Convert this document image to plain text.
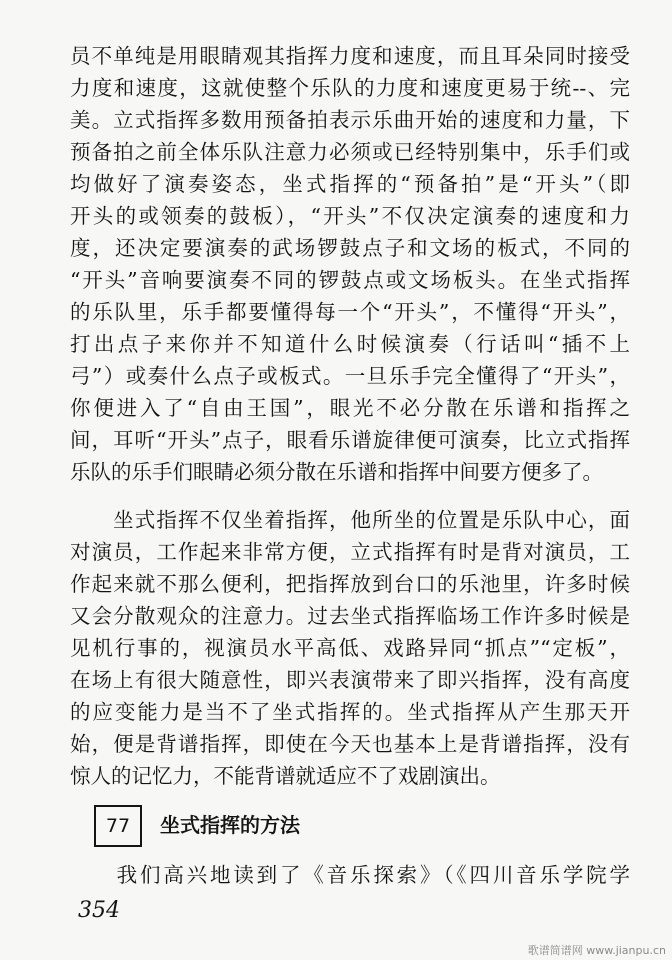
员不单纯是用眼睛观其指挥力度和速度，而且耳朵同时接受
力度和速度，这就使整个乐队的力度和速度更易于统--、完
美。立式指挥多数用预备拍表示乐曲开始的速度和力量，下
预备拍之前全体乐队注意力必须或已经特别集中，乐手们或
均做好了演奏姿态，坐式指挥的“预备拍”是“开头”（即
开头的或领奏的鼓板），“开头”不仅决定演奏的速度和力
度，还决定要演奏的武场锣鼓点子和文场的板式，不同的
“开头”音响要演奏不同的锣鼓点或文场板头。在坐式指挥
的乐队里，乐手都要懂得每一个“开头”，不懂得“开头”，
打出点子来你并不知道什么时候演奏（行话叫“插不上
弓”）或奏什么点子或板式。一旦乐手完全懂得了“开头”，
你便进入了“自由王国”，眼光不必分散在乐谱和指挥之
间，耳听“开头”点子，眼看乐谱旋律便可演奏，比立式指挥
乐队的乐手们眼睛必须分散在乐谱和指挥中间要方便多了。
　　坐式指挥不仅坐着指挥，他所坐的位置是乐队中心，面
对演员，工作起来非常方便，立式指挥有时是背对演员，工
作起来就不那么便利，把指挥放到台口的乐池里，许多时候
又会分散观众的注意力。过去坐式指挥临场工作许多时候是
见机行事的，视演员水平高低、戏路异同“抓点”“定板”，
在场上有很大随意性，即兴表演带来了即兴指挥，没有高度
的应变能力是当不了坐式指挥的。坐式指挥从产生那天开
始，便是背谱指挥，即使在今天也基本上是背谱指挥，没有
惊人的记忆力，不能背谱就适应不了戏剧演出。
77	坐式指挥的方法
　　我们高兴地读到了《音乐探索》（《四川音乐学院学
354
歌谱简谱网 www.jianpu.cn
